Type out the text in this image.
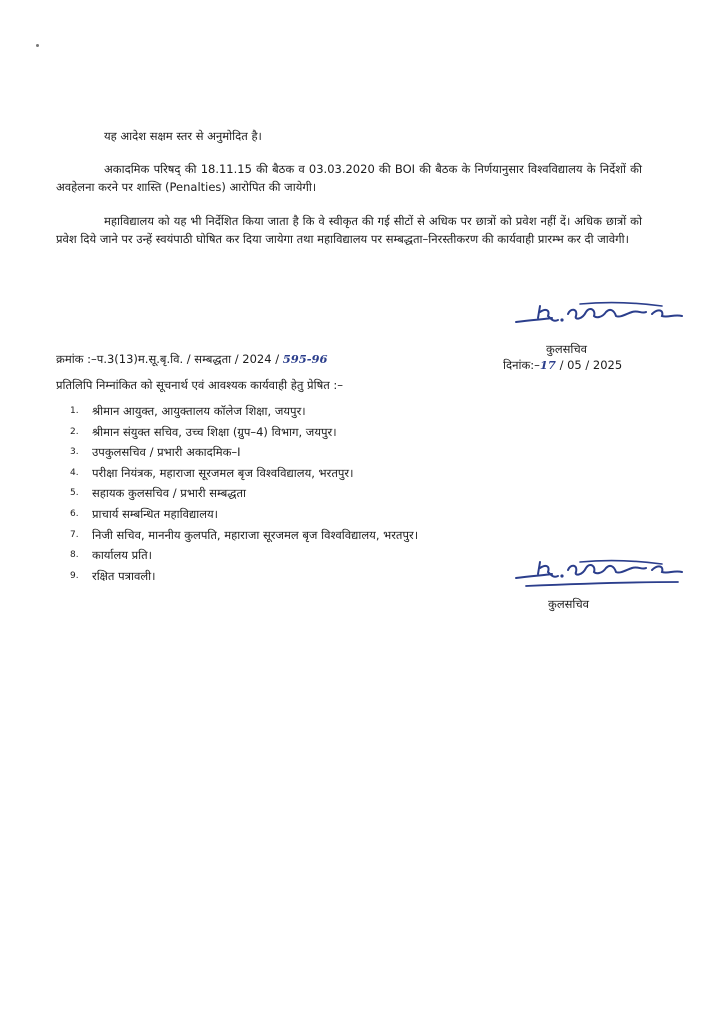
यह आदेश सक्षम स्तर से अनुमोदित है।
अकादमिक परिषद् की 18.11.15 की बैठक व 03.03.2020 की BOI की बैठक के निर्णयानुसार विश्वविद्यालय के निर्देशों की अवहेलना करने पर शास्ति (Penalties) आरोपित की जायेगी।
महाविद्यालय को यह भी निर्देशित किया जाता है कि वे स्वीकृत की गई सीटों से अधिक पर छात्रों को प्रवेश नहीं दें। अधिक छात्रों को प्रवेश दिये जाने पर उन्हें स्वयंपाठी घोषित कर दिया जायेगा तथा महाविद्यालय पर सम्बद्धता–निरस्तीकरण की कार्यवाही प्रारम्भ कर दी जावेगी।
कुलसचिव
क्रमांक :–प.3(13)म.सू.बृ.वि. / सम्बद्धता / 2024 / 595-96	दिनांक:–17 / 05 / 2025
प्रतिलिपि निम्नांकित को सूचनार्थ एवं आवश्यक कार्यवाही हेतु प्रेषित :–
1.	श्रीमान आयुक्त, आयुक्तालय कॉलेज शिक्षा, जयपुर।
2.	श्रीमान संयुक्त सचिव, उच्च शिक्षा (ग्रुप–4) विभाग, जयपुर।
3.	उपकुलसचिव / प्रभारी अकादमिक–I
4.	परीक्षा नियंत्रक, महाराजा सूरजमल बृज विश्वविद्यालय, भरतपुर।
5.	सहायक कुलसचिव / प्रभारी सम्बद्धता
6.	प्राचार्य सम्बन्धित महाविद्यालय।
7.	निजी सचिव, माननीय कुलपति, महाराजा सूरजमल बृज विश्वविद्यालय, भरतपुर।
8.	कार्यालय प्रति।
9.	रक्षित पत्रावली।
कुलसचिव
